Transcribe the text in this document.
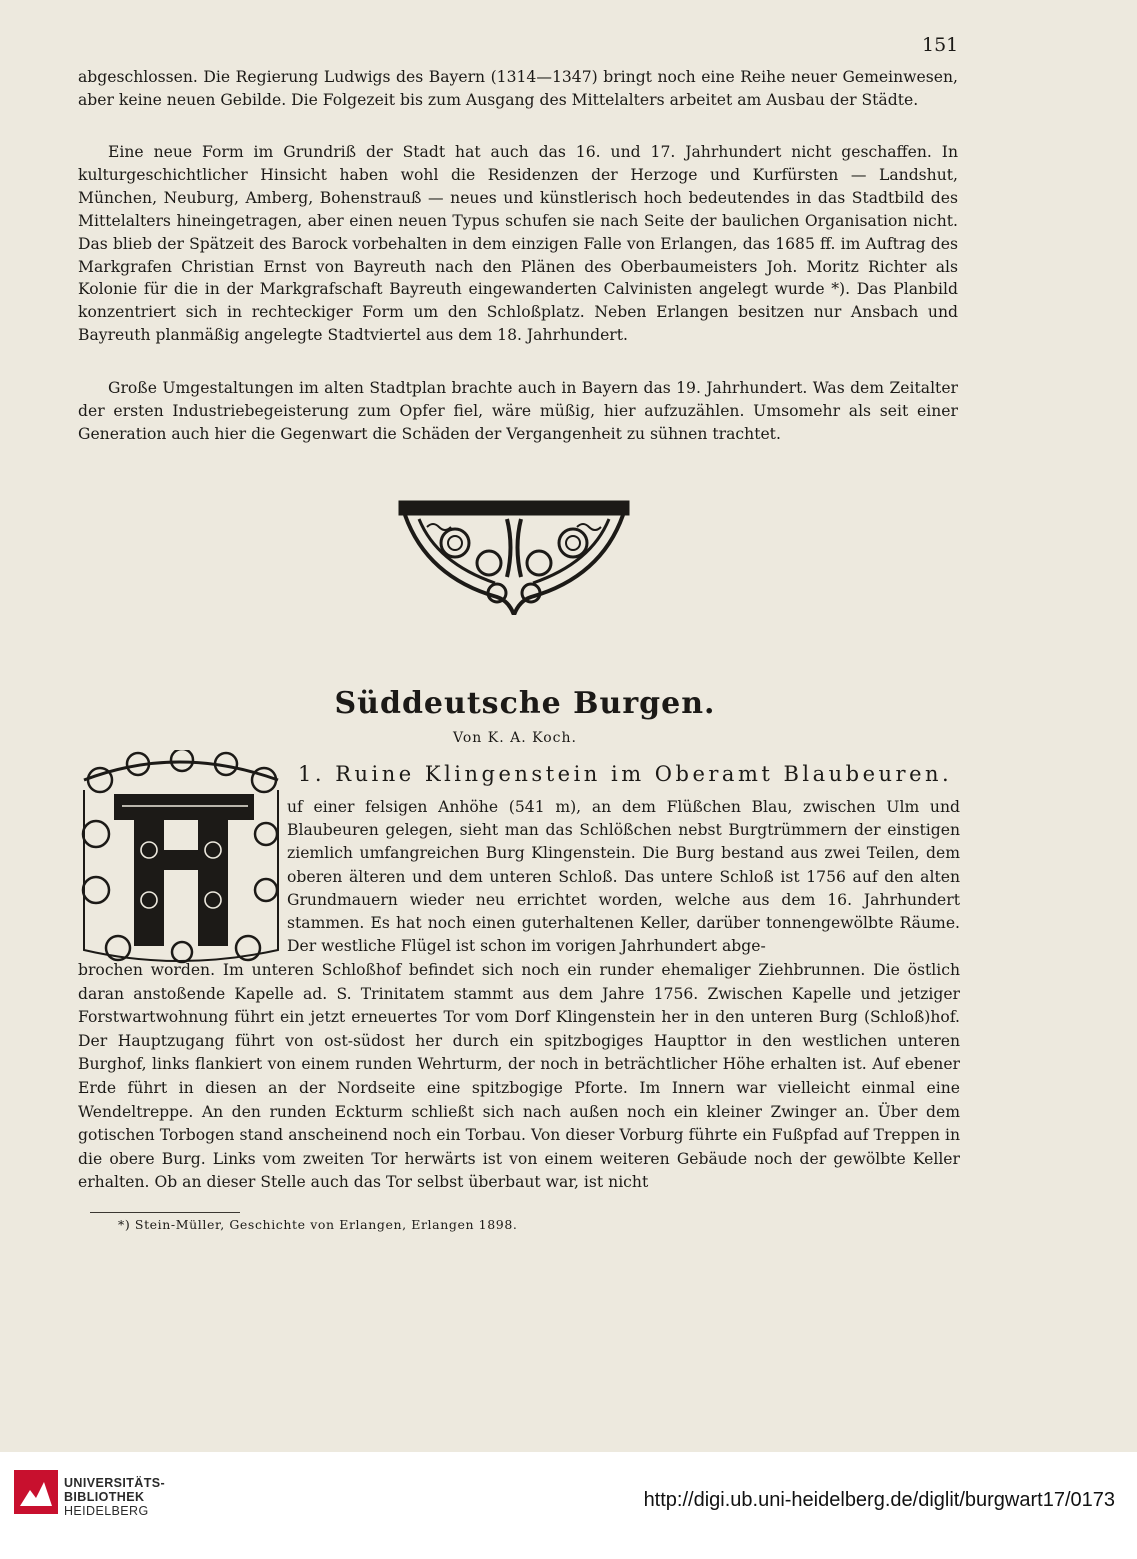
151
abgeschlossen. Die Regierung Ludwigs des Bayern (1314—1347) bringt noch eine Reihe neuer Gemeinwesen, aber keine neuen Gebilde. Die Folgezeit bis zum Ausgang des Mittelalters arbeitet am Ausbau der Städte.
Eine neue Form im Grundriß der Stadt hat auch das 16. und 17. Jahrhundert nicht geschaffen. In kulturgeschichtlicher Hinsicht haben wohl die Residenzen der Herzoge und Kurfürsten — Landshut, München, Neuburg, Amberg, Bohenstrauß — neues und künstlerisch hoch bedeutendes in das Stadtbild des Mittelalters hineingetragen, aber einen neuen Typus schufen sie nach Seite der baulichen Organisation nicht. Das blieb der Spätzeit des Barock vorbehalten in dem einzigen Falle von Erlangen, das 1685 ff. im Auftrag des Markgrafen Christian Ernst von Bayreuth nach den Plänen des Oberbaumeisters Joh. Moritz Richter als Kolonie für die in der Markgrafschaft Bayreuth eingewanderten Calvinisten angelegt wurde *). Das Planbild konzentriert sich in rechteckiger Form um den Schloßplatz. Neben Erlangen besitzen nur Ansbach und Bayreuth planmäßig angelegte Stadtviertel aus dem 18. Jahrhundert.
Große Umgestaltungen im alten Stadtplan brachte auch in Bayern das 19. Jahrhundert. Was dem Zeitalter der ersten Industriebegeisterung zum Opfer fiel, wäre müßig, hier aufzuzählen. Umsomehr als seit einer Generation auch hier die Gegenwart die Schäden der Vergangenheit zu sühnen trachtet.
Süddeutsche Burgen.
Von K. A. Koch.
A
1. Ruine Klingenstein im Oberamt Blaubeuren.
uf einer felsigen Anhöhe (541 m), an dem Flüßchen Blau, zwischen Ulm und Blaubeuren gelegen, sieht man das Schlößchen nebst Burgtrümmern der einstigen ziemlich umfangreichen Burg Klingenstein. Die Burg bestand aus zwei Teilen, dem oberen älteren und dem unteren Schloß. Das untere Schloß ist 1756 auf den alten Grundmauern wieder neu errichtet worden, welche aus dem 16. Jahrhundert stammen. Es hat noch einen guterhaltenen Keller, darüber tonnengewölbte Räume. Der westliche Flügel ist schon im vorigen Jahrhundert abge-
brochen worden. Im unteren Schloßhof befindet sich noch ein runder ehemaliger Ziehbrunnen. Die östlich daran anstoßende Kapelle ad. S. Trinitatem stammt aus dem Jahre 1756. Zwischen Kapelle und jetziger Forstwartwohnung führt ein jetzt erneuertes Tor vom Dorf Klingenstein her in den unteren Burg (Schloß)hof. Der Hauptzugang führt von ost-südost her durch ein spitzbogiges Haupttor in den westlichen unteren Burghof, links flankiert von einem runden Wehrturm, der noch in beträchtlicher Höhe erhalten ist. Auf ebener Erde führt in diesen an der Nordseite eine spitzbogige Pforte. Im Innern war vielleicht einmal eine Wendeltreppe. An den runden Eckturm schließt sich nach außen noch ein kleiner Zwinger an. Über dem gotischen Torbogen stand anscheinend noch ein Torbau. Von dieser Vorburg führte ein Fußpfad auf Treppen in die obere Burg. Links vom zweiten Tor herwärts ist von einem weiteren Gebäude noch der gewölbte Keller erhalten. Ob an dieser Stelle auch das Tor selbst überbaut war, ist nicht
*) Stein-Müller, Geschichte von Erlangen, Erlangen 1898.
UNIVERSITÄTS-
BIBLIOTHEK
HEIDELBERG	http://digi.ub.uni-heidelberg.de/diglit/burgwart17/0173
